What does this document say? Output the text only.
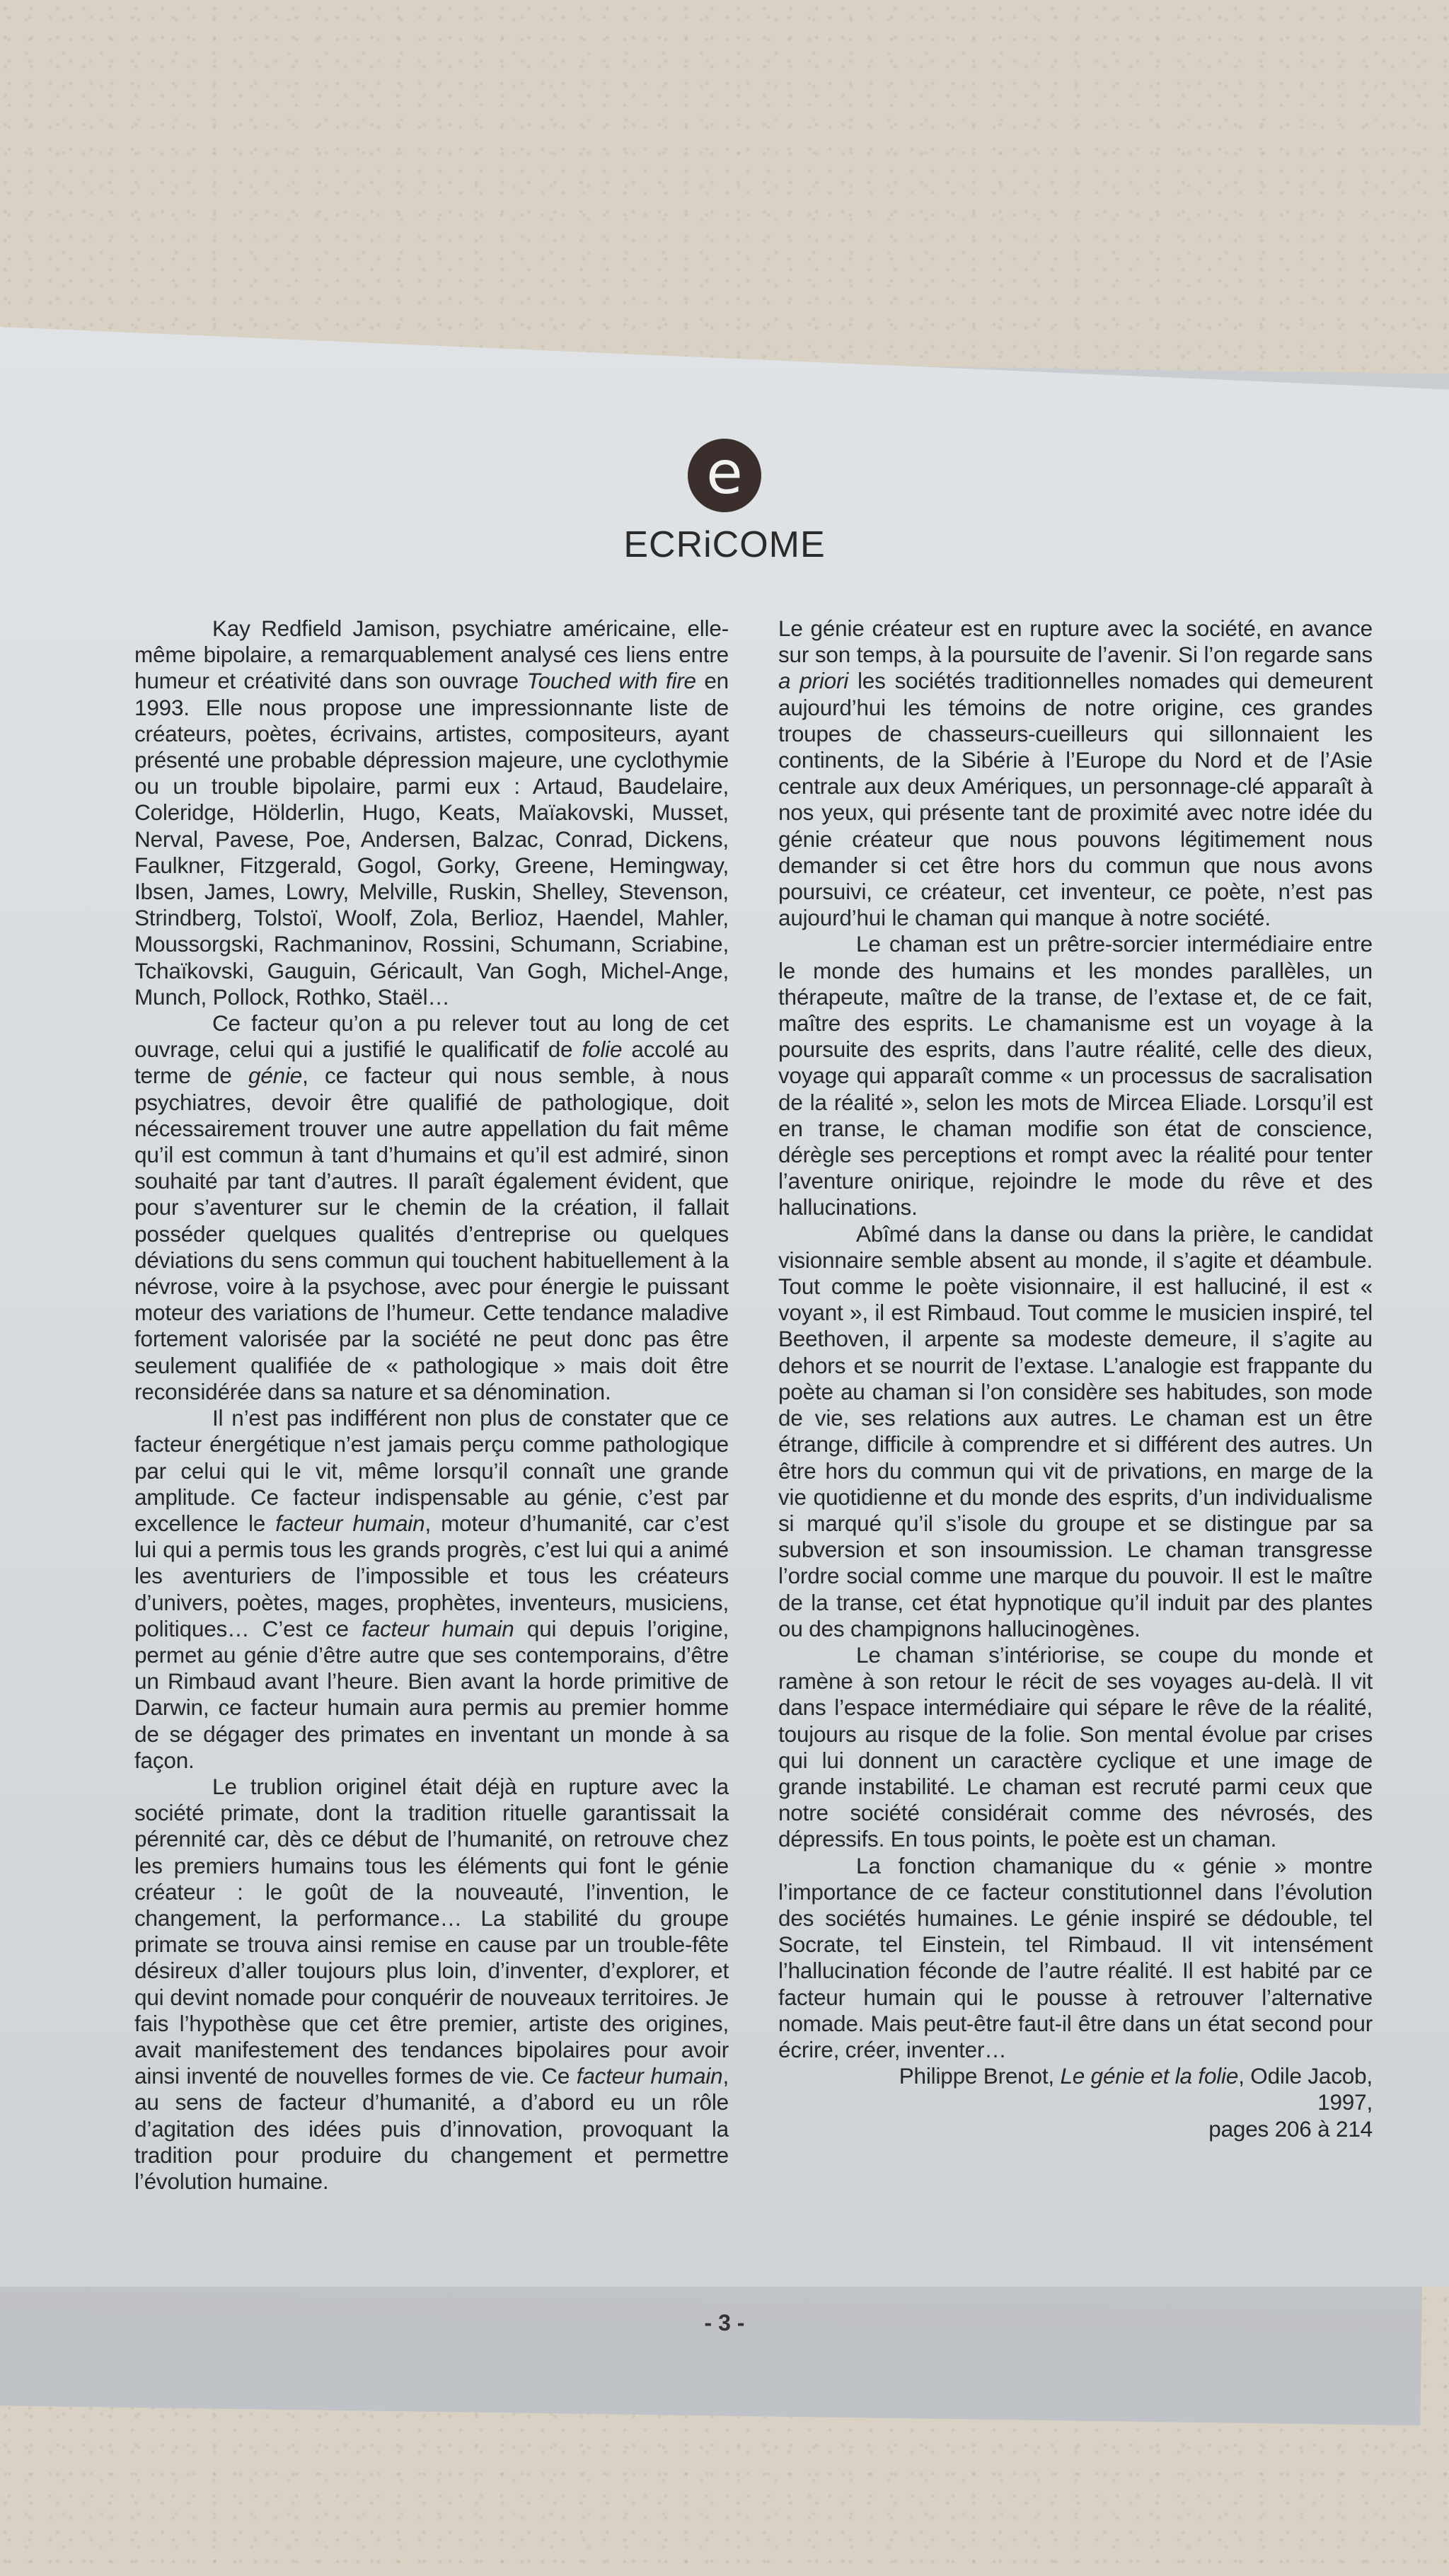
e
ECRiCOME

Kay Redfield Jamison, psychiatre américaine, elle-même bipolaire, a remarquablement analysé ces liens entre humeur et créativité dans son ouvrage Touched with fire en 1993. Elle nous propose une impressionnante liste de créateurs, poètes, écrivains, artistes, compositeurs, ayant présenté une probable dépression majeure, une cyclothymie ou un trouble bipolaire, parmi eux : Artaud, Baudelaire, Coleridge, Hölderlin, Hugo, Keats, Maïakovski, Musset, Nerval, Pavese, Poe, Andersen, Balzac, Conrad, Dickens, Faulkner, Fitzgerald, Gogol, Gorky, Greene, Hemingway, Ibsen, James, Lowry, Melville, Ruskin, Shelley, Stevenson, Strindberg, Tolstoï, Woolf, Zola, Berlioz, Haendel, Mahler, Moussorgski, Rachmaninov, Rossini, Schumann, Scriabine, Tchaïkovski, Gauguin, Géricault, Van Gogh, Michel-Ange, Munch, Pollock, Rothko, Staël…

Ce facteur qu’on a pu relever tout au long de cet ouvrage, celui qui a justifié le qualificatif de folie accolé au terme de génie, ce facteur qui nous semble, à nous psychiatres, devoir être qualifié de pathologique, doit nécessairement trouver une autre appellation du fait même qu’il est commun à tant d’humains et qu’il est admiré, sinon souhaité par tant d’autres. Il paraît également évident, que pour s’aventurer sur le chemin de la création, il fallait posséder quelques qualités d’entreprise ou quelques déviations du sens commun qui touchent habituellement à la névrose, voire à la psychose, avec pour énergie le puissant moteur des variations de l’humeur. Cette tendance maladive fortement valorisée par la société ne peut donc pas être seulement qualifiée de « pathologique » mais doit être reconsidérée dans sa nature et sa dénomination.

Il n’est pas indifférent non plus de constater que ce facteur énergétique n’est jamais perçu comme pathologique par celui qui le vit, même lorsqu’il connaît une grande amplitude. Ce facteur indispensable au génie, c’est par excellence le facteur humain, moteur d’humanité, car c’est lui qui a permis tous les grands progrès, c’est lui qui a animé les aventuriers de l’impossible et tous les créateurs d’univers, poètes, mages, prophètes, inventeurs, musiciens, politiques… C’est ce facteur humain qui depuis l’origine, permet au génie d’être autre que ses contemporains, d’être un Rimbaud avant l’heure. Bien avant la horde primitive de Darwin, ce facteur humain aura permis au premier homme de se dégager des primates en inventant un monde à sa façon.

Le trublion originel était déjà en rupture avec la société primate, dont la tradition rituelle garantissait la pérennité car, dès ce début de l’humanité, on retrouve chez les premiers humains tous les éléments qui font le génie créateur : le goût de la nouveauté, l’invention, le changement, la performance… La stabilité du groupe primate se trouva ainsi remise en cause par un trouble-fête désireux d’aller toujours plus loin, d’inventer, d’explorer, et qui devint nomade pour conquérir de nouveaux territoires. Je fais l’hypothèse que cet être premier, artiste des origines, avait manifestement des tendances bipolaires pour avoir ainsi inventé de nouvelles formes de vie. Ce facteur humain, au sens de facteur d’humanité, a d’abord eu un rôle d’agitation des idées puis d’innovation, provoquant la tradition pour produire du changement et permettre l’évolution humaine.

Le génie créateur est en rupture avec la société, en avance sur son temps, à la poursuite de l’avenir. Si l’on regarde sans a priori les sociétés traditionnelles nomades qui demeurent aujourd’hui les témoins de notre origine, ces grandes troupes de chasseurs-cueilleurs qui sillonnaient les continents, de la Sibérie à l’Europe du Nord et de l’Asie centrale aux deux Amériques, un personnage-clé apparaît à nos yeux, qui présente tant de proximité avec notre idée du génie créateur que nous pouvons légitimement nous demander si cet être hors du commun que nous avons poursuivi, ce créateur, cet inventeur, ce poète, n’est pas aujourd’hui le chaman qui manque à notre société.

Le chaman est un prêtre-sorcier intermédiaire entre le monde des humains et les mondes parallèles, un thérapeute, maître de la transe, de l’extase et, de ce fait, maître des esprits. Le chamanisme est un voyage à la poursuite des esprits, dans l’autre réalité, celle des dieux, voyage qui apparaît comme « un processus de sacralisation de la réalité », selon les mots de Mircea Eliade. Lorsqu’il est en transe, le chaman modifie son état de conscience, dérègle ses perceptions et rompt avec la réalité pour tenter l’aventure onirique, rejoindre le mode du rêve et des hallucinations.

Abîmé dans la danse ou dans la prière, le candidat visionnaire semble absent au monde, il s’agite et déambule. Tout comme le poète visionnaire, il est halluciné, il est « voyant », il est Rimbaud. Tout comme le musicien inspiré, tel Beethoven, il arpente sa modeste demeure, il s’agite au dehors et se nourrit de l’extase. L’analogie est frappante du poète au chaman si l’on considère ses habitudes, son mode de vie, ses relations aux autres. Le chaman est un être étrange, difficile à comprendre et si différent des autres. Un être hors du commun qui vit de privations, en marge de la vie quotidienne et du monde des esprits, d’un individualisme si marqué qu’il s’isole du groupe et se distingue par sa subversion et son insoumission. Le chaman transgresse l’ordre social comme une marque du pouvoir. Il est le maître de la transe, cet état hypnotique qu’il induit par des plantes ou des champignons hallucinogènes.

Le chaman s’intériorise, se coupe du monde et ramène à son retour le récit de ses voyages au-delà. Il vit dans l’espace intermédiaire qui sépare le rêve de la réalité, toujours au risque de la folie. Son mental évolue par crises qui lui donnent un caractère cyclique et une image de grande instabilité. Le chaman est recruté parmi ceux que notre société considérait comme des névrosés, des dépressifs. En tous points, le poète est un chaman.

La fonction chamanique du « génie » montre l’importance de ce facteur constitutionnel dans l’évolution des sociétés humaines. Le génie inspiré se dédouble, tel Socrate, tel Einstein, tel Rimbaud. Il vit intensément l’hallucination féconde de l’autre réalité. Il est habité par ce facteur humain qui le pousse à retrouver l’alternative nomade. Mais peut-être faut-il être dans un état second pour écrire, créer, inventer…

Philippe Brenot, Le génie et la folie, Odile Jacob, 1997,
pages 206 à 214

- 3 -
